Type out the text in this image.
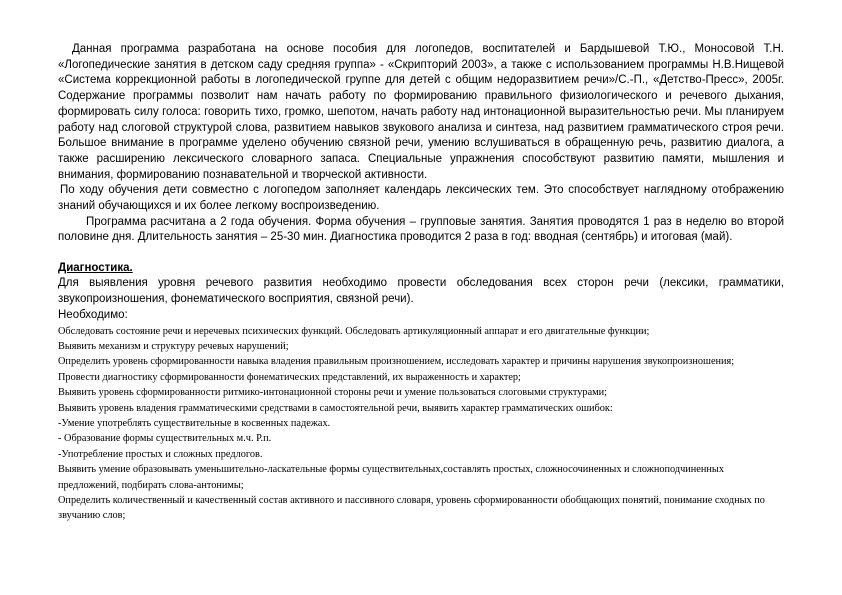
Данная программа разработана на основе пособия для логопедов, воспитателей и Бардышевой Т.Ю., Моносовой Т.Н. «Логопедические занятия в детском саду средняя группа» - «Скрипторий 2003», а также с использованием программы Н.В.Нищевой «Система коррекционной работы в логопедической группе для детей с общим недоразвитием речи»/С.-П., «Детство-Пресс», 2005г. Содержание программы позволит нам начать работу по формированию правильного физиологического и речевого дыхания, формировать силу голоса: говорить тихо, громко, шепотом, начать работу над интонационной выразительностью речи. Мы планируем работу над слоговой структурой слова, развитием навыков звукового анализа и синтеза, над развитием грамматического строя речи. Большое внимание в программе уделено обучению связной речи, умению вслушиваться в обращенную речь, развитию диалога, а также расширению лексического словарного запаса. Специальные упражнения способствуют развитию памяти, мышления и внимания, формированию познавательной и творческой активности.

По ходу обучения дети совместно с логопедом заполняет календарь лексических тем. Это способствует наглядному отображению знаний обучающихся и их более легкому воспроизведению.

Программа расчитана а 2 года обучения. Форма обучения – групповые занятия. Занятия проводятся 1 раз в неделю во второй половине дня. Длительность занятия – 25-30 мин. Диагностика проводится 2 раза в год: вводная (сентябрь) и итоговая (май).

Диагностика.

Для выявления уровня речевого развития необходимо провести обследования всех сторон речи (лексики, грамматики, звукопроизношения, фонематического восприятия, связной речи).

Необходимо:
Обследовать состояние речи и неречевых психических функций. Обследовать артикуляционный аппарат и его двигательные функции;
Выявить механизм и структуру речевых нарушений;
Определить уровень сформированности навыка владения правильным произношением, исследовать характер и причины нарушения звукопроизношения;
Провести диагностику сформированности фонематических представлений, их выраженность и характер;
Выявить уровень сформированности ритмико-интонационной стороны речи и умение пользоваться слоговыми структурами;
Выявить уровень владения грамматическими средствами в самостоятельной речи, выявить характер грамматических ошибок:
-Умение употреблять существительные в косвенных падежах.
- Образование формы существительных м.ч. Р.п.
-Употребление простых и сложных предлогов.
Выявить умение образовывать уменьшительно-ласкательные формы существительных,составлять простых, сложносочиненных и сложноподчиненных предложений, подбирать слова-антонимы;
Определить количественный и качественный состав активного и пассивного словаря, уровень сформированности обобщающих понятий, понимание сходных по звучанию слов;
